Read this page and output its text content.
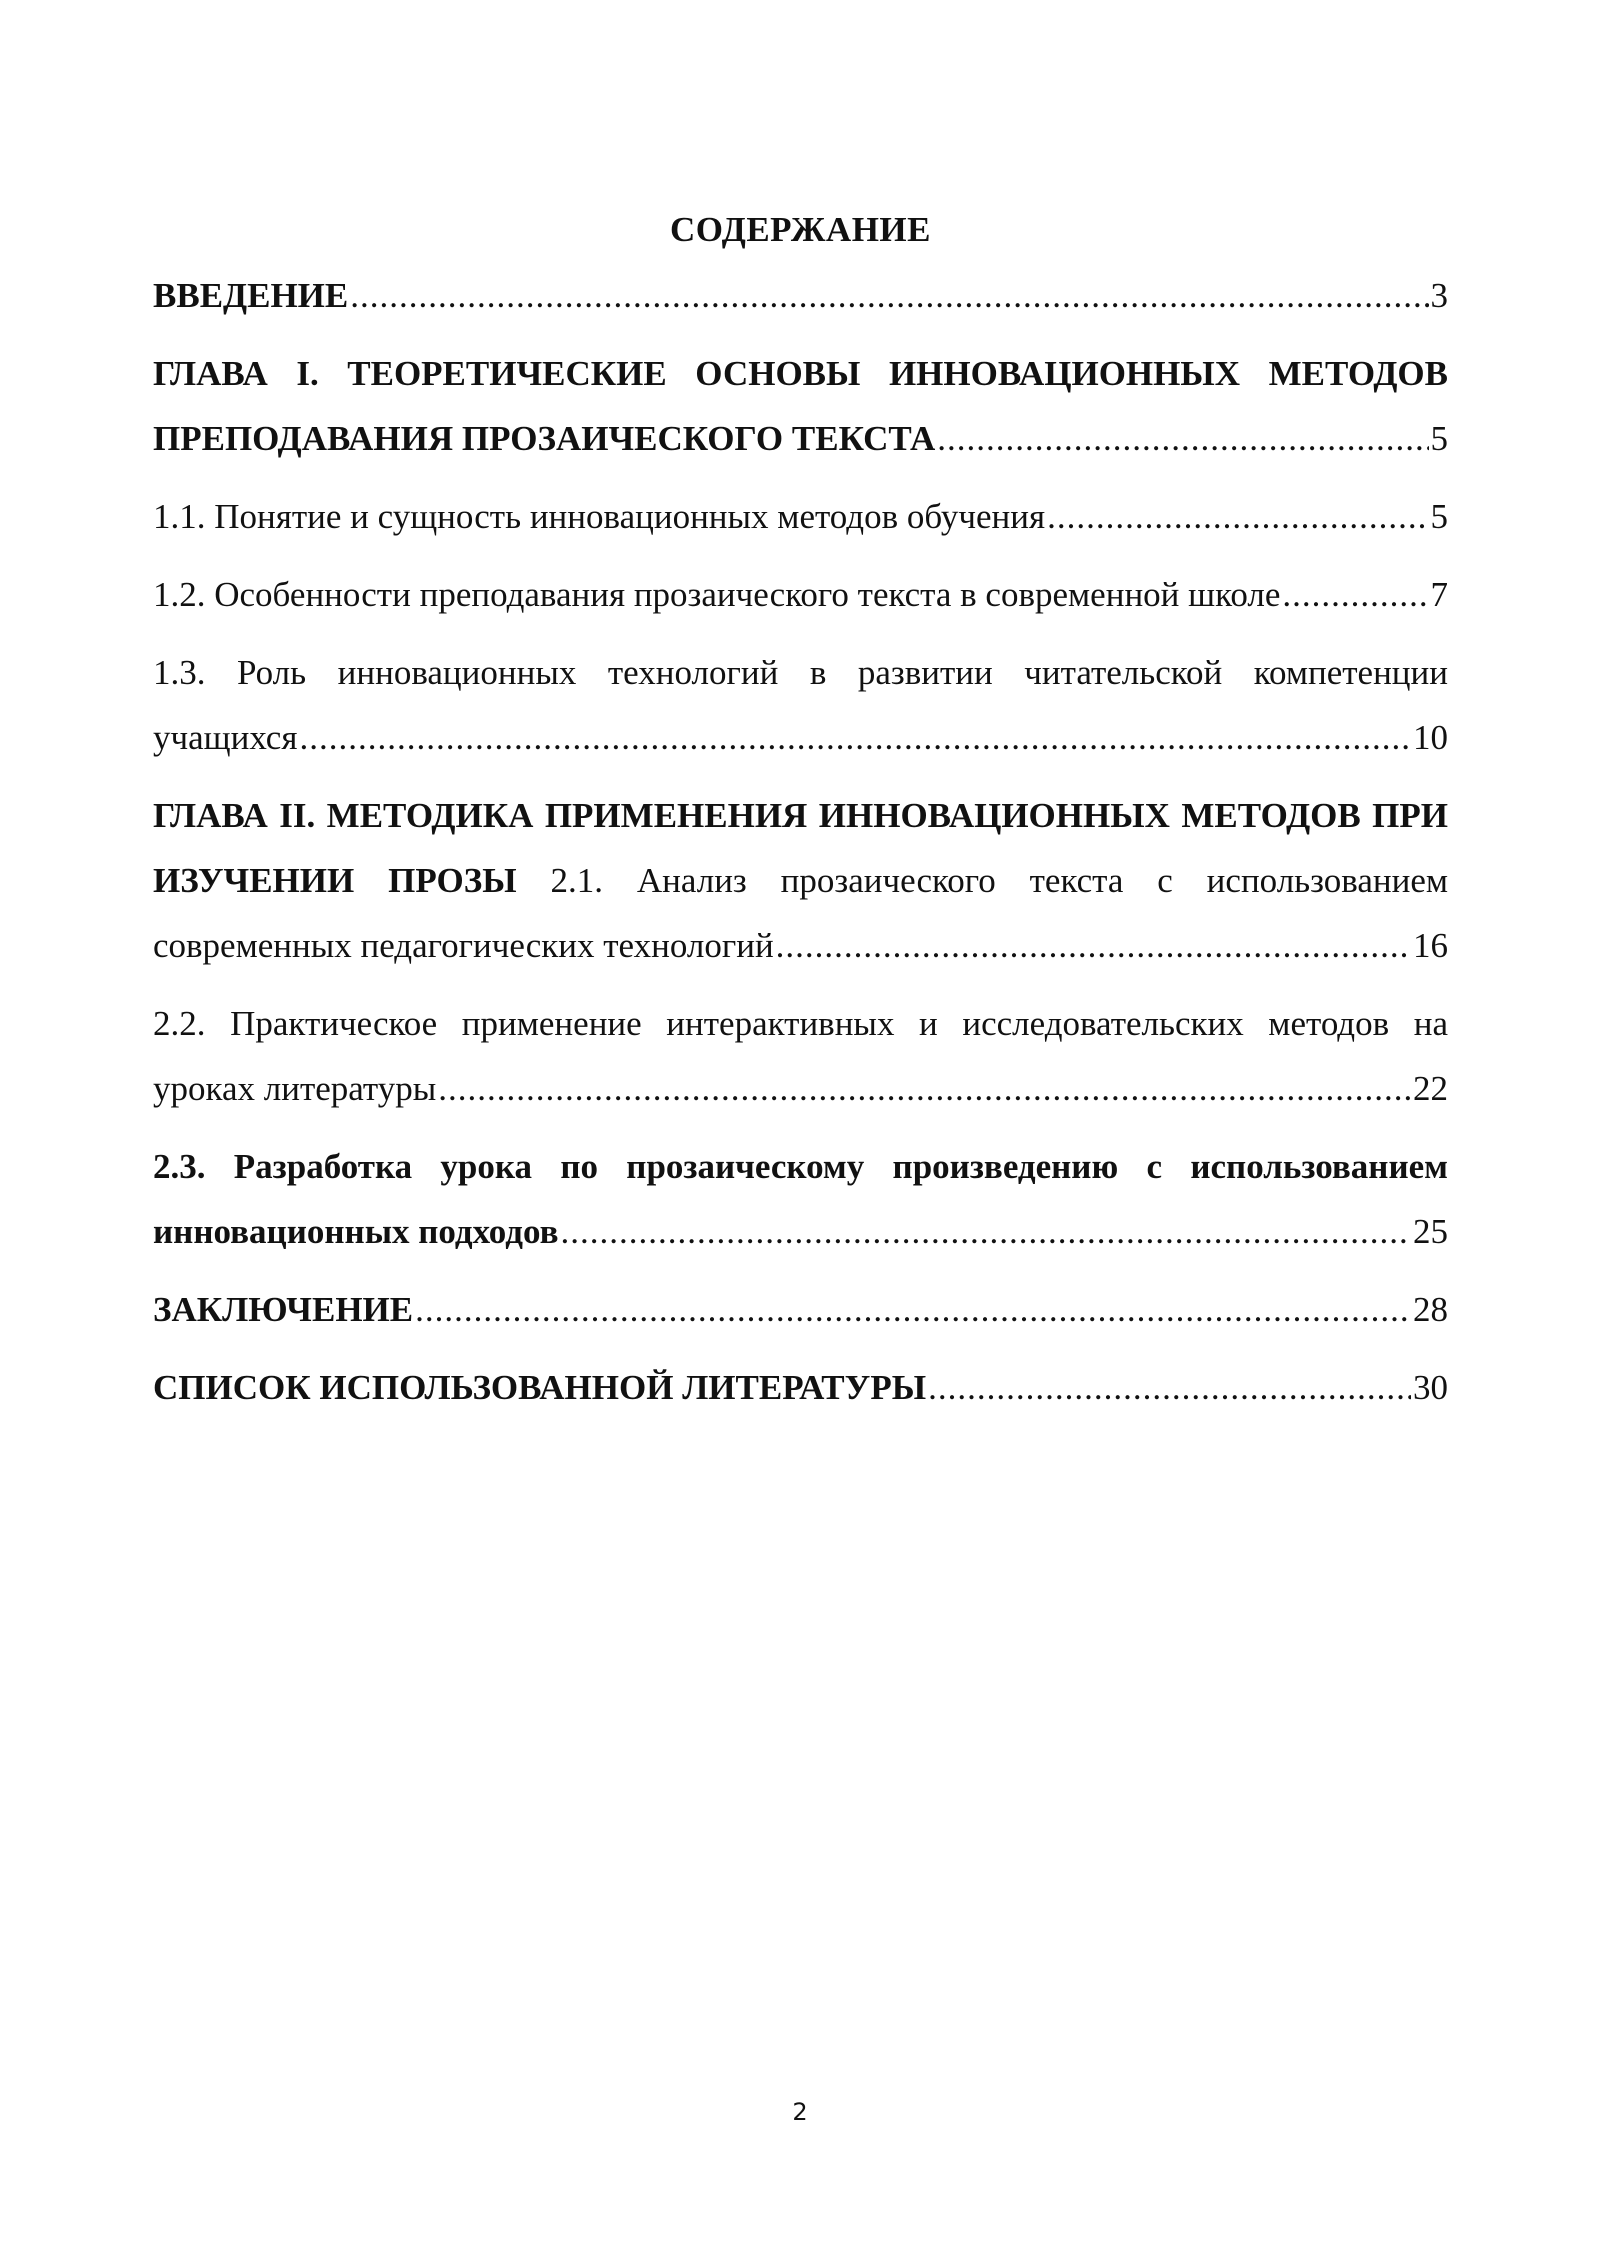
СОДЕРЖАНИЕ
ВВЕДЕНИЕ .....	3
ГЛАВА I. ТЕОРЕТИЧЕСКИЕ ОСНОВЫ ИННОВАЦИОННЫХ МЕТОДОВ
ПРЕПОДАВАНИЯ ПРОЗАИЧЕСКОГО ТЕКСТА .....	5
1.1. Понятие и сущность инновационных методов обучения .....	5
1.2. Особенности преподавания прозаического текста в современной школе .....	7
1.3. Роль инновационных технологий в развитии читательской компетенции
учащихся .....	10
ГЛАВА II. МЕТОДИКА ПРИМЕНЕНИЯ ИННОВАЦИОННЫХ МЕТОДОВ ПРИ ИЗУЧЕНИИ ПРОЗЫ 2.1. Анализ прозаического текста с использованием
современных педагогических технологий .....	16
2.2. Практическое применение интерактивных и исследовательских методов на
уроках литературы .....	22
2.3. Разработка урока по прозаическому произведению с использованием
инновационных подходов .....	25
ЗАКЛЮЧЕНИЕ .....	28
СПИСОК ИСПОЛЬЗОВАННОЙ ЛИТЕРАТУРЫ .....	30
2
